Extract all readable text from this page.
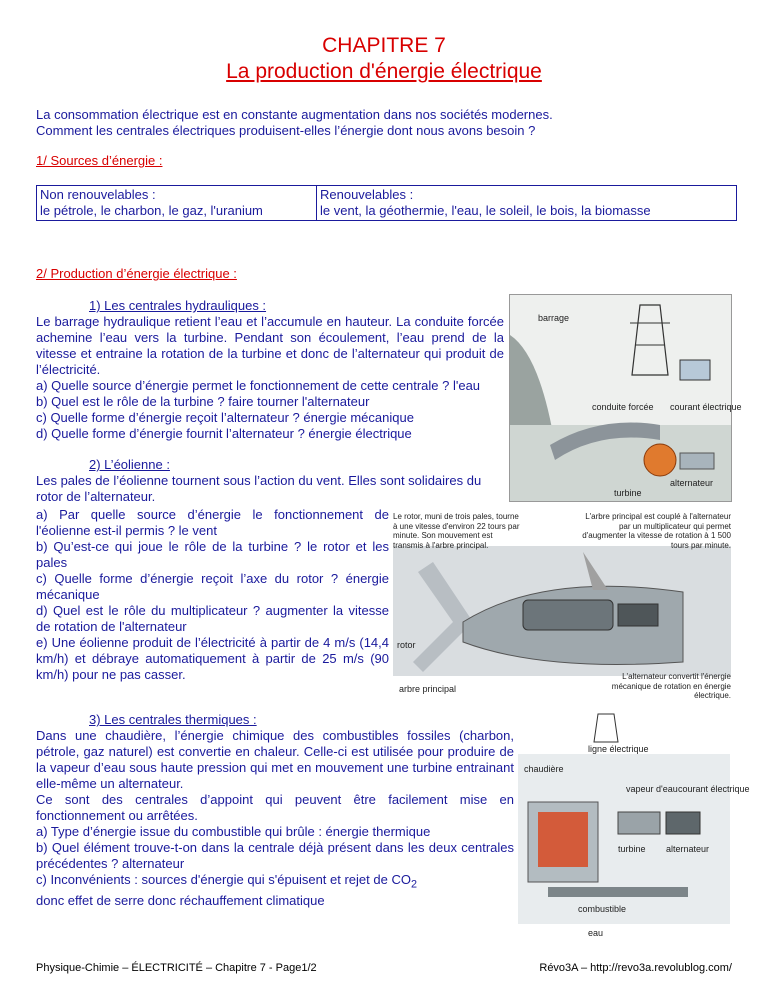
CHAPITRE 7
La production d'énergie électrique
La consommation électrique est en constante augmentation dans nos sociétés modernes.
Comment les centrales électriques produisent-elles l’énergie dont nous avons besoin ?
1/ Sources d’énergie :
Non renouvelables :
le pétrole, le charbon, le gaz, l'uranium

Renouvelables :
le vent, la géothermie, l'eau, le soleil, le bois, la biomasse
2/ Production d’énergie électrique :
1) Les centrales hydrauliques :
Le barrage hydraulique retient l’eau et l’accumule en hauteur. La conduite forcée achemine l’eau vers la turbine. Pendant son écoulement, l’eau prend de la vitesse et entraine la rotation de la turbine et donc de l’alternateur qui produit de l’électricité.
a) Quelle source d’énergie permet le fonctionnement de cette centrale ? l'eau
b) Quel est le rôle de la turbine ? faire tourner l'alternateur
c) Quelle forme d’énergie reçoit l’alternateur ? énergie mécanique
d) Quelle forme d’énergie fournit l’alternateur ? énergie électrique
barrage
conduite forcée courant électrique
alternateur
turbine
2) L’éolienne :
Les pales de l’éolienne tournent sous l’action du vent. Elles sont solidaires du rotor de l’alternateur.
a) Par quelle source d’énergie le fonctionnement de l'éolienne est-il permis ? le vent
b) Qu’est-ce qui joue le rôle de la turbine ? le rotor et les pales
c) Quelle forme d’énergie reçoit l’axe du rotor ? énergie mécanique
d) Quel est le rôle du multiplicateur ? augmenter la vitesse de rotation de l'alternateur
e) Une éolienne produit de l’électricité à partir de 4 m/s (14,4 km/h) et débraye automatiquement à partir de 25 m/s (90 km/h) pour ne pas casser.
Le rotor, muni de trois pales, tourne à une vitesse d'environ 22 tours par minute. Son mouvement est transmis à l'arbre principal.
L'arbre principal est couplé à l'alternateur par un multiplicateur qui permet d'augmenter la vitesse de rotation à 1 500 tours par minute.
rotor
arbre principal
L'alternateur convertit l'énergie mécanique de rotation en énergie électrique.
3) Les centrales thermiques :
Dans une chaudière, l’énergie chimique des combustibles fossiles (charbon, pétrole, gaz naturel) est convertie en chaleur. Celle-ci est utilisée pour produire de la vapeur d’eau sous haute pression qui met en mouvement une turbine entrainant elle-même un alternateur.
Ce sont des centrales d’appoint qui peuvent être facilement mise en fonctionnement ou arrêtées.
a) Type d’énergie issue du combustible qui brûle : énergie thermique
b) Quel élément trouve-t-on dans la centrale déjà présent dans les deux centrales précédentes ? alternateur
c) Inconvénients : sources d'énergie qui s'épuisent et rejet de $CO_2$
donc effet de serre donc réchauffement climatique
ligne électrique
chaudière
vapeur d'eau courant électrique
turbine alternateur
combustible
eau
Physique-Chimie – ÉLECTRICITÉ – Chapitre 7 - Page1/2	Révo3A – http://revo3a.revolublog.com/
